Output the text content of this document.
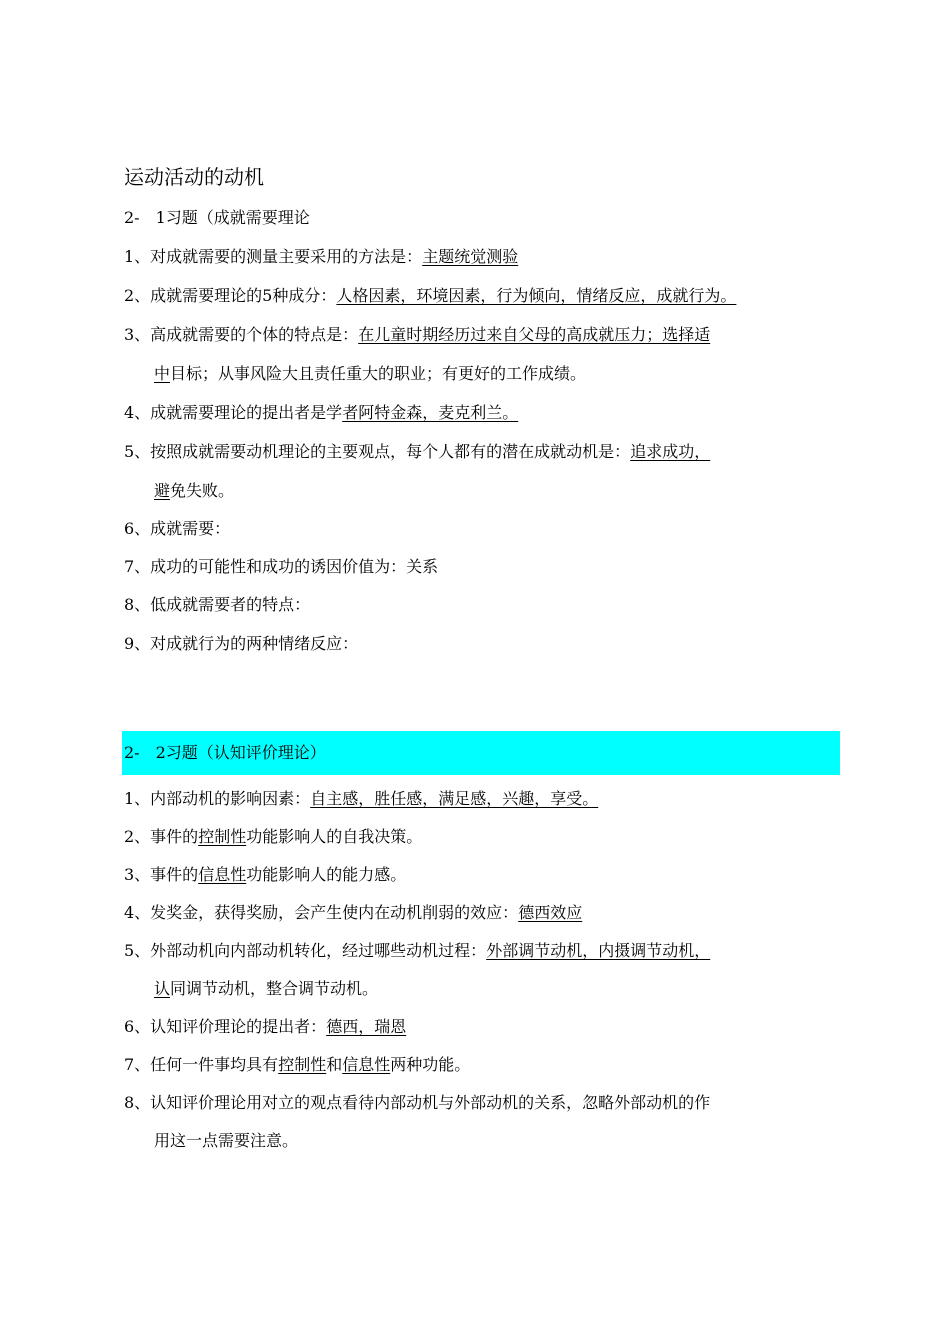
运动活动的动机
2-　1习题（成就需要理论
1、对成就需要的测量主要采用的方法是：主题统觉测验
2、成就需要理论的5种成分：人格因素，环境因素，行为倾向，情绪反应，成就行为。
3、高成就需要的个体的特点是：在儿童时期经历过来自父母的高成就压力；选择适
中目标；从事风险大且责任重大的职业；有更好的工作成绩。
4、成就需要理论的提出者是学者阿特金森，麦克利兰。
5、按照成就需要动机理论的主要观点，每个人都有的潜在成就动机是：追求成功，
避免失败。
6、成就需要：
7、成功的可能性和成功的诱因价值为：关系
8、低成就需要者的特点：
9、对成就行为的两种情绪反应：
2-　2习题（认知评价理论）
1、内部动机的影响因素：自主感，胜任感，满足感，兴趣，享受。
2、事件的控制性功能影响人的自我决策。
3、事件的信息性功能影响人的能力感。
4、发奖金，获得奖励，会产生使内在动机削弱的效应：德西效应
5、外部动机向内部动机转化，经过哪些动机过程：外部调节动机，内摄调节动机，
认同调节动机，整合调节动机。
6、认知评价理论的提出者：德西，瑞恩
7、任何一件事均具有控制性和信息性两种功能。
8、认知评价理论用对立的观点看待内部动机与外部动机的关系，忽略外部动机的作
用这一点需要注意。
